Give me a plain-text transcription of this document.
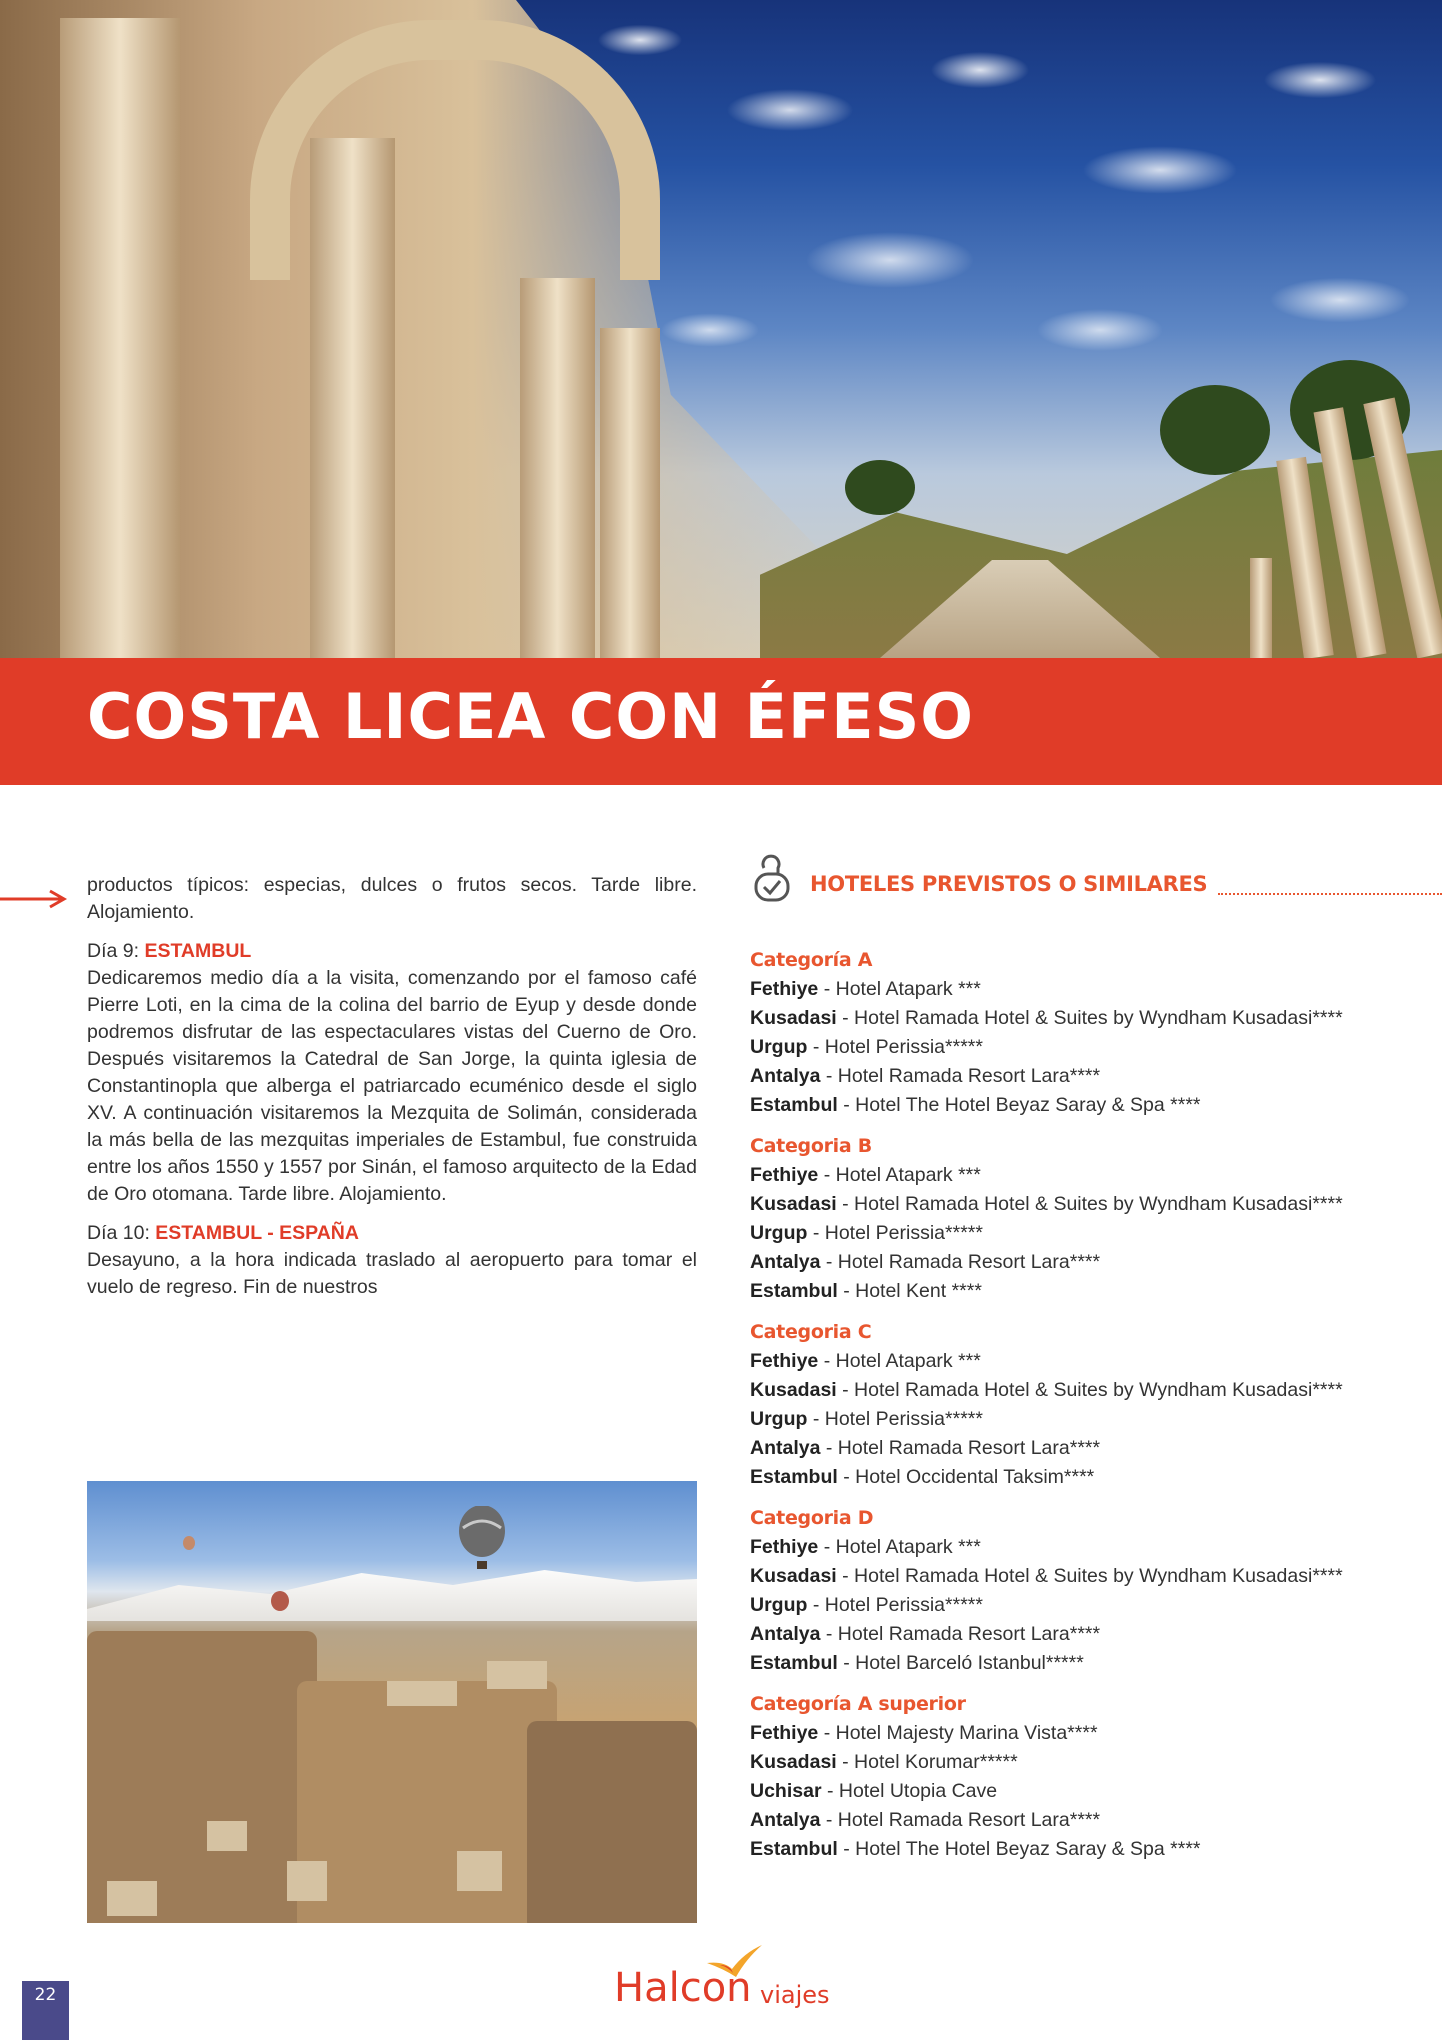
COSTA LICEA CON ÉFESO

productos típicos: especias, dulces o frutos secos. Tarde libre. Alojamiento.

Día 9: ESTAMBUL

Dedicaremos medio día a la visita, comenzando por el famoso café Pierre Loti, en la cima de la colina del barrio de Eyup y desde donde podremos disfrutar de las espectaculares vistas del Cuerno de Oro. Después visitaremos la Catedral de San Jorge, la quinta iglesia de Constantinopla que alberga el patriarcado ecuménico desde el siglo XV. A continuación visitaremos la Mezquita de Solimán, considerada la más bella de las mezquitas imperiales de Estambul, fue construida entre los años 1550 y 1557 por Sinán, el famoso arquitecto de la Edad de Oro otomana. Tarde libre. Alojamiento.

Día 10: ESTAMBUL - ESPAÑA

Desayuno, a la hora indicada traslado al aeropuerto para tomar el vuelo de regreso. Fin de nuestros

HOTELES PREVISTOS O SIMILARES
Categoría A
Fethiye - Hotel Atapark ***
Kusadasi - Hotel Ramada Hotel & Suites by Wyndham Kusadasi****
Urgup - Hotel Perissia*****
Antalya - Hotel Ramada Resort Lara****
Estambul - Hotel The Hotel Beyaz Saray & Spa ****
Categoria B
Fethiye - Hotel Atapark ***
Kusadasi - Hotel Ramada Hotel & Suites by Wyndham Kusadasi****
Urgup - Hotel Perissia*****
Antalya - Hotel Ramada Resort Lara****
Estambul - Hotel Kent ****
Categoria C
Fethiye - Hotel Atapark ***
Kusadasi - Hotel Ramada Hotel & Suites by Wyndham Kusadasi****
Urgup - Hotel Perissia*****
Antalya - Hotel Ramada Resort Lara****
Estambul - Hotel Occidental Taksim****
Categoria D
Fethiye - Hotel Atapark ***
Kusadasi - Hotel Ramada Hotel & Suites by Wyndham Kusadasi****
Urgup - Hotel Perissia*****
Antalya - Hotel Ramada Resort Lara****
Estambul - Hotel Barceló Istanbul*****
Categoría A superior
Fethiye - Hotel Majesty Marina Vista****
Kusadasi - Hotel Korumar*****
Uchisar - Hotel Utopia Cave
Antalya - Hotel Ramada Resort Lara****
Estambul - Hotel The Hotel Beyaz Saray & Spa ****
22	Halcon viajes
